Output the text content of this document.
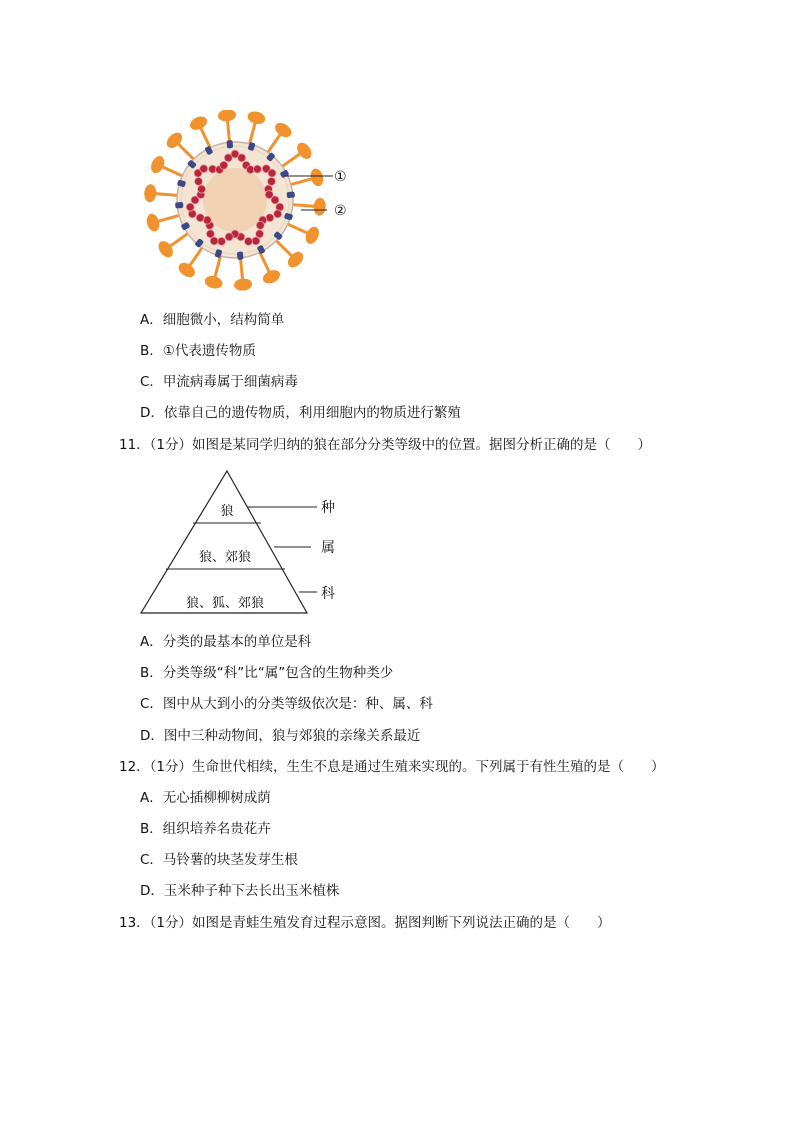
①
②
A．细胞微小，结构简单
B．①代表遗传物质
C．甲流病毒属于细菌病毒
D．依靠自己的遗传物质，利用细胞内的物质进行繁殖
11．（1分）如图是某同学归纳的狼在部分分类等级中的位置。据图分析正确的是（　　）
狼
狼、郊狼
狼、狐、郊狼
种
属
科
A．分类的最基本的单位是科
B．分类等级“科”比“属”包含的生物种类少
C．图中从大到小的分类等级依次是：种、属、科
D．图中三种动物间，狼与郊狼的亲缘关系最近
12．（1分）生命世代相续，生生不息是通过生殖来实现的。下列属于有性生殖的是（　　）
A．无心插柳柳树成荫
B．组织培养名贵花卉
C．马铃薯的块茎发芽生根
D．玉米种子种下去长出玉米植株
13．（1分）如图是青蛙生殖发育过程示意图。据图判断下列说法正确的是（　　）
